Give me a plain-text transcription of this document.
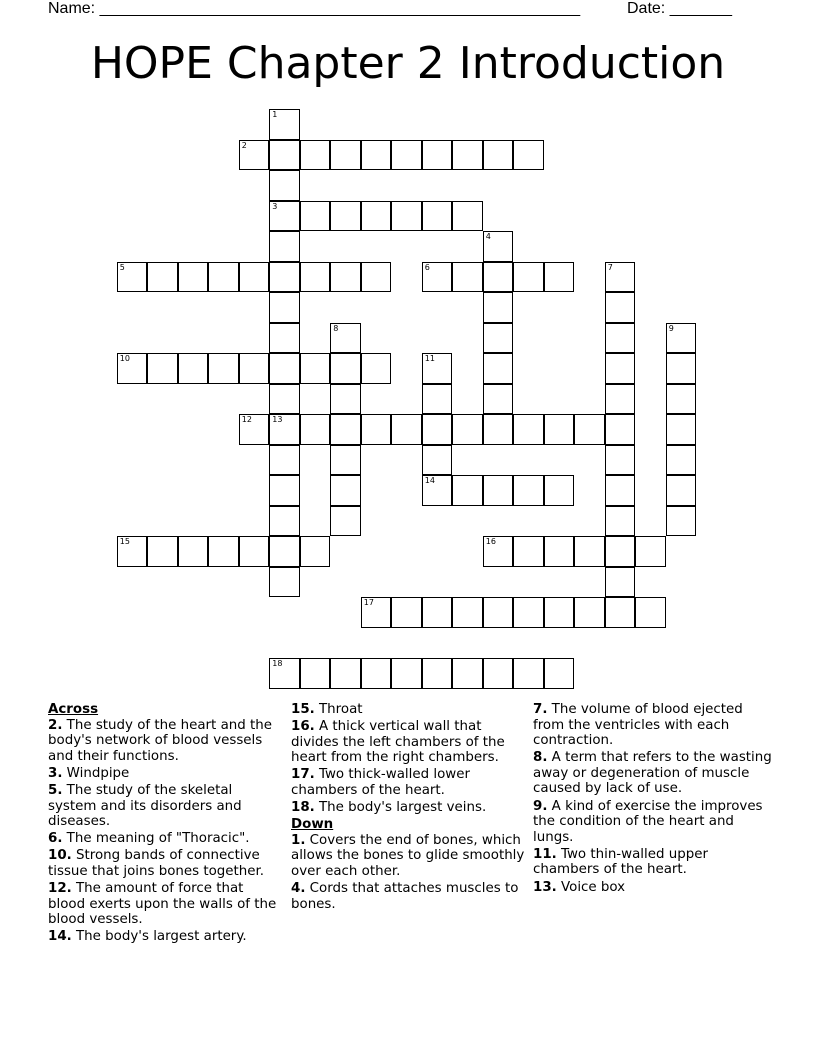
Name: ______________________________________________________	Date: _______
HOPE Chapter 2 Introduction
1
3
13
2
4
5	6	7
8	9
10	11
14
12
15	16
17
18
Across
2. The study of the heart and the body's network of blood vessels and their functions.
3. Windpipe
5. The study of the skeletal system and its disorders and diseases.
6. The meaning of "Thoracic".
10. Strong bands of connective tissue that joins bones together.
12. The amount of force that blood exerts upon the walls of the blood vessels.
14. The body's largest artery.
15. Throat
16. A thick vertical wall that divides the left chambers of the heart from the right chambers.
17. Two thick-walled lower chambers of the heart.
18. The body's largest veins.
Down
1. Covers the end of bones, which allows the bones to glide smoothly over each other.
4. Cords that attaches muscles to bones.
7. The volume of blood ejected from the ventricles with each contraction.
8. A term that refers to the wasting away or degeneration of muscle caused by lack of use.
9. A kind of exercise the improves the condition of the heart and lungs.
11. Two thin-walled upper chambers of the heart.
13. Voice box
